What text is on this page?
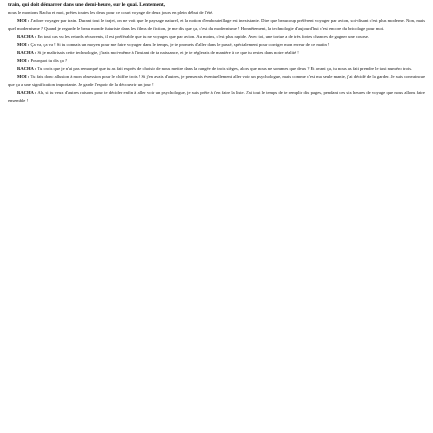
train, qui doit démarrer dans une demi-heure, sur le quai. Lentement,

nous le montons Racha et moi, prêtes toutes les deux pour ce court voyage de deux jours en plein début de l'été.

MOI : J'adore voyager par train. Durant tout le trajet, on ne voit que le paysage naturel, et la notion d'embouteillage est inexistante. Dire que beaucoup préfèrent voyager par avion, soi-disant c'est plus moderne. Non, mais quel modernisme ? Quand je regarde le beau monde futuriste dans les films de fiction, je me dis que ça, c'est du modernisme ! Honnêtement, la technologie d'aujourd'hui c'est encore du bricolage pour moi.

RACHA : En tout cas vu les retards récurrents, il est préférable que tu ne voyages que par avion. Au moins, c'est plus rapide. Avec toi, une tortue a de très fortes chances de gagner une course.

MOI : Ça va, ça va ! Si tu connais un moyen pour me faire voyager dans le temps, je te promets d'aller dans le passé, spécialement pour corriger mon erreur de ce matin !

RACHA : Si je maîtrisais cette technologie, j'irais moi-même à l'instant de ta naissance, et je te réglerais de manière à ce que tu restes dans notre réalité !

MOI : Pourquoi tu dis ça ?

RACHA : Tu crois que je n'ai pas remarqué que tu as fait exprès de choisir de nous mettre dans la rangée de trois sièges, alors que nous ne sommes que deux ? Et avant ça, tu nous as fait prendre le taxi numéro trois.

MOI : Tu fais donc allusion à mon obsession pour le chiffre trois ! Si j'en avais d'autres, je penserais éventuellement aller voir un psychologue, mais comme c'est ma seule manie, j'ai décidé de la garder. Je suis convaincue que ça a une signification importante. Je garde l'espoir de la découvrir un jour !

RACHA : Ah, si tu veux d'autres raisons pour te décider enfin à aller voir un psychologue, je suis prête à t'en faire la liste. J'ai tout le temps de te remplir dix pages, pendant ces six heures de voyage que nous allons faire ensemble !
